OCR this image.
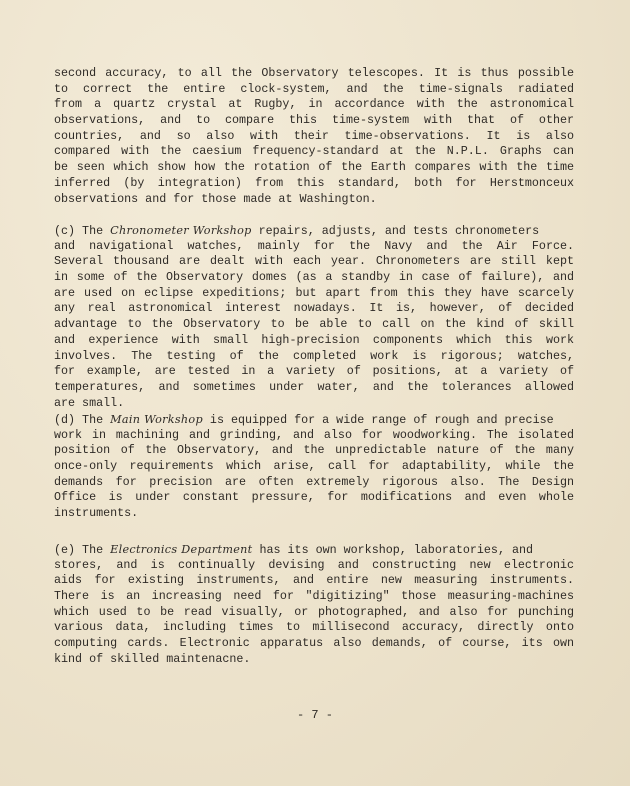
second accuracy, to all the Observatory telescopes. It is thus possible
to correct the entire clock-system, and the time-signals radiated
from a quartz crystal at Rugby, in accordance with the astronomical
observations, and to compare this time-system with that of other
countries, and so also with their time-observations. It is also
compared with the caesium frequency-standard at the N.P.L. Graphs can
be seen which show how the rotation of the Earth compares with the time
inferred (by integration) from this standard, both for Herstmonceux
observations and for those made at Washington.
(c) The Chronometer Workshop repairs, adjusts, and tests chronometers
and navigational watches, mainly for the Navy and the Air Force.
Several thousand are dealt with each year. Chronometers are still kept
in some of the Observatory domes (as a standby in case of failure), and
are used on eclipse expeditions; but apart from this they have scarcely
any real astronomical interest nowadays. It is, however, of decided
advantage to the Observatory to be able to call on the kind of skill
and experience with small high-precision components which this work
involves. The testing of the completed work is rigorous; watches,
for example, are tested in a variety of positions, at a variety of
temperatures, and sometimes under water, and the tolerances allowed
are small.
(d) The Main Workshop is equipped for a wide range of rough and precise
work in machining and grinding, and also for woodworking. The isolated
position of the Observatory, and the unpredictable nature of the many
once-only requirements which arise, call for adaptability, while the
demands for precision are often extremely rigorous also. The Design
Office is under constant pressure, for modifications and even whole
instruments.
(e) The Electronics Department has its own workshop, laboratories, and
stores, and is continually devising and constructing new electronic
aids for existing instruments, and entire new measuring instruments.
There is an increasing need for "digitizing" those measuring-machines
which used to be read visually, or photographed, and also for punching
various data, including times to millisecond accuracy, directly onto
computing cards. Electronic apparatus also demands, of course, its own
kind of skilled maintenacne.
- 7 -
